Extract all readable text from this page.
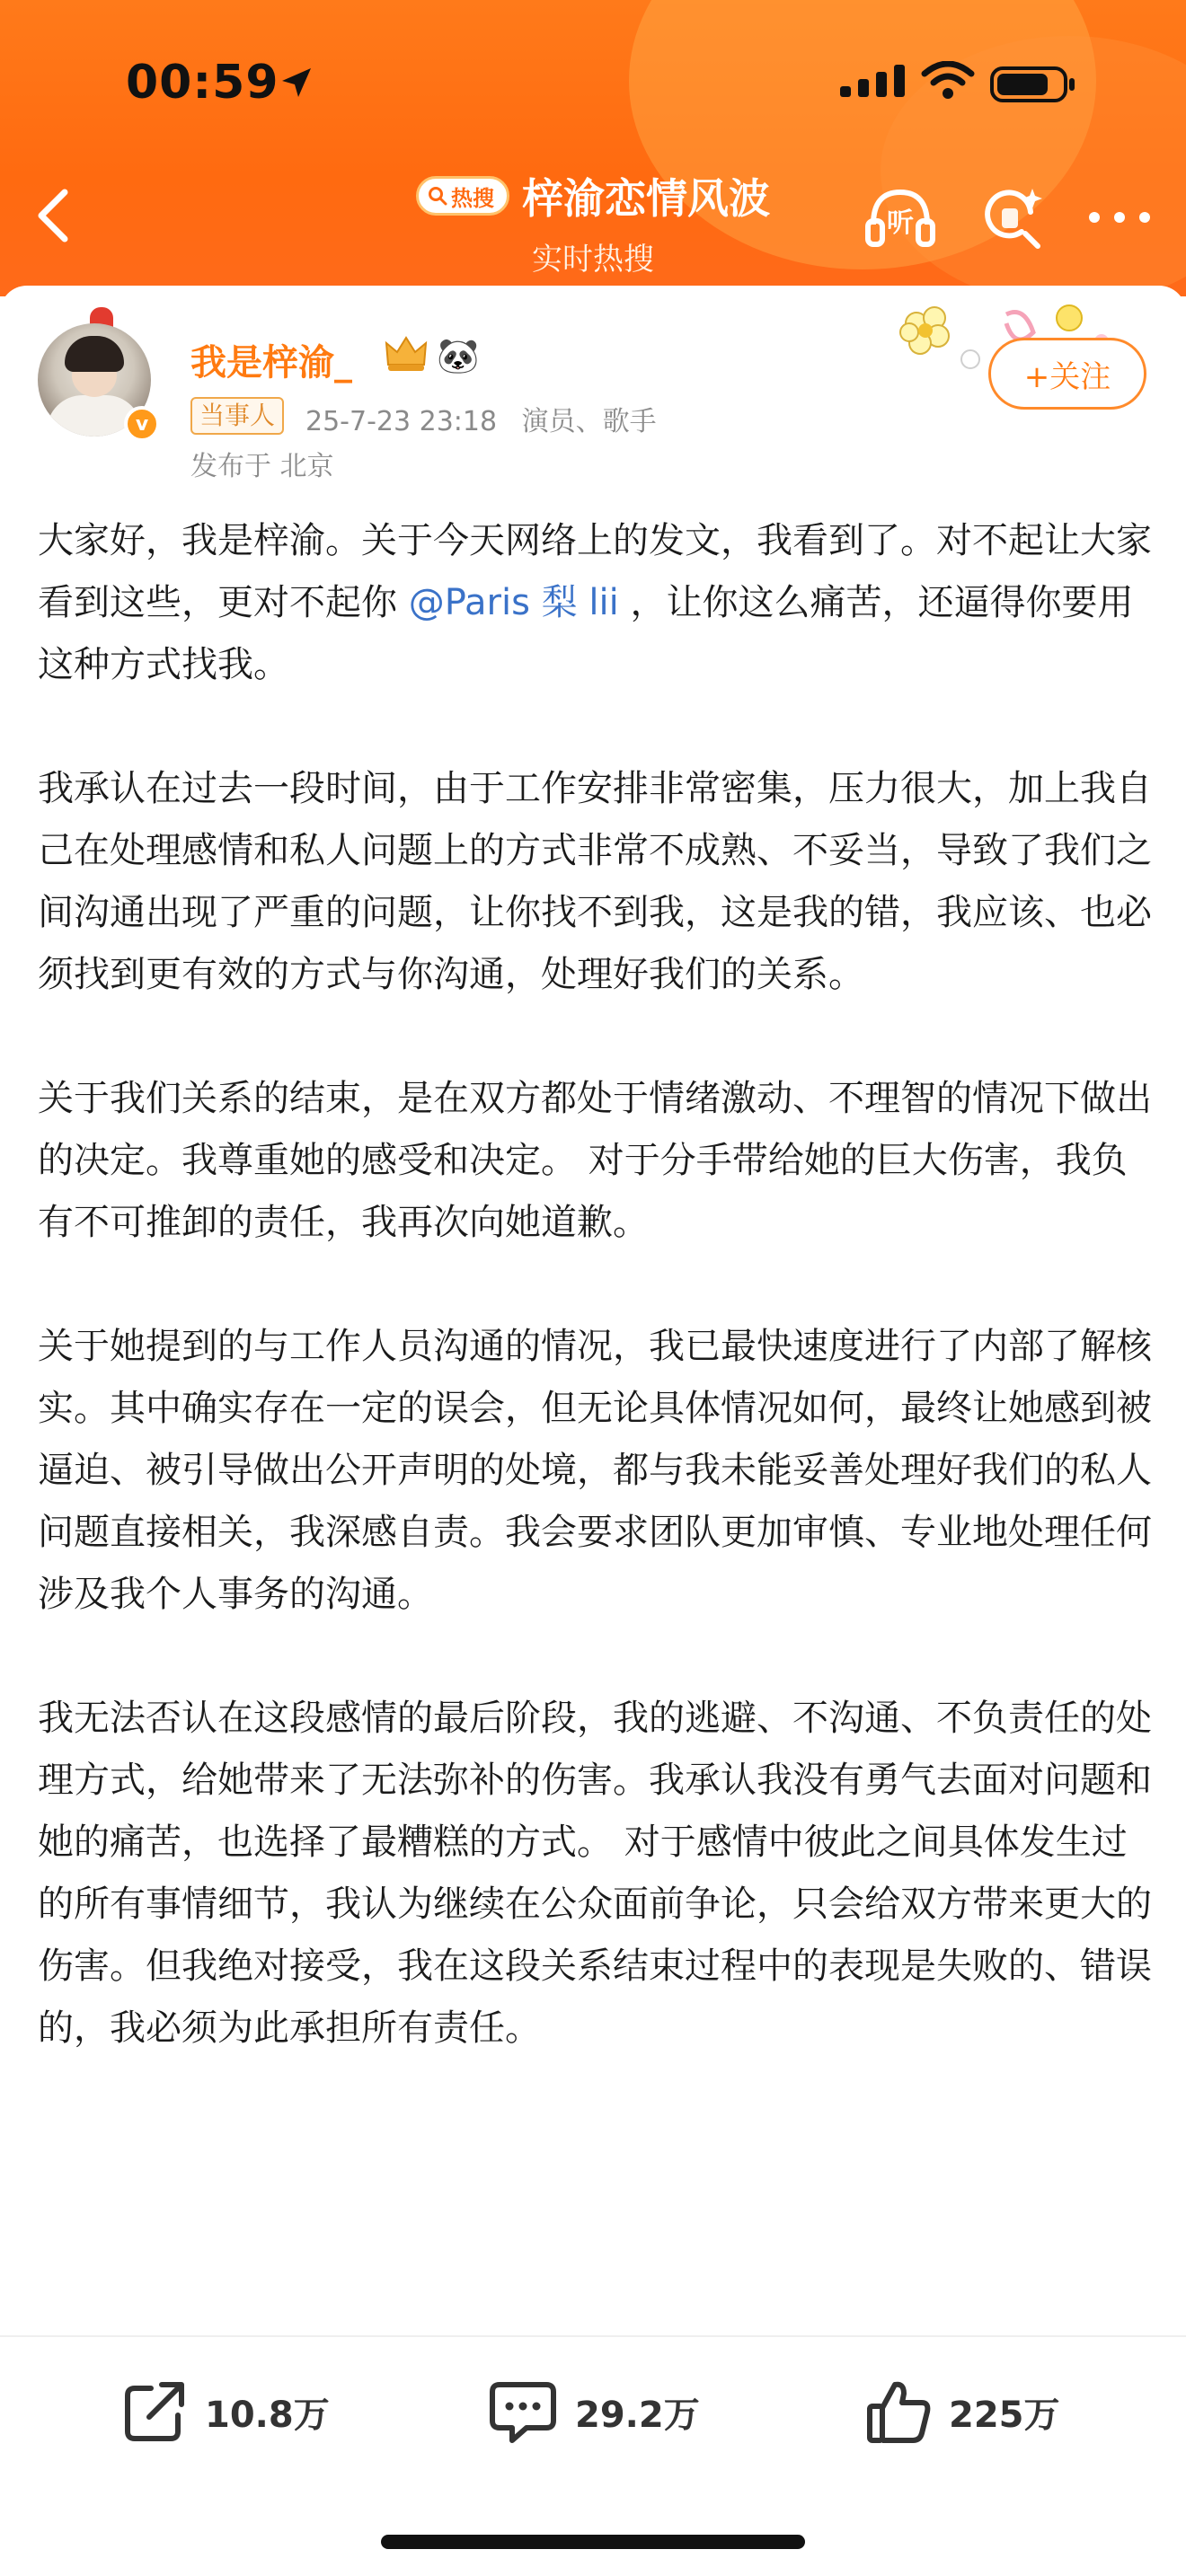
00:59
热搜 梓渝恋情风波
实时热搜
听
v
我是梓渝_ 🐼
当事人	25-7-23 23:18 演员、歌手
发布于 北京
+关注

大家好，我是梓渝。关于今天网络上的发文，我看到了。对不起让大家看到这些，更对不起你 @Paris 梨 lii ，让你这么痛苦，还逼得你要用这种方式找我。

我承认在过去一段时间，由于工作安排非常密集，压力很大，加上我自己在处理感情和私人问题上的方式非常不成熟、不妥当，导致了我们之间沟通出现了严重的问题，让你找不到我，这是我的错，我应该、也必须找到更有效的方式与你沟通，处理好我们的关系。

关于我们关系的结束，是在双方都处于情绪激动、不理智的情况下做出的决定。我尊重她的感受和决定。 对于分手带给她的巨大伤害，我负有不可推卸的责任，我再次向她道歉。

关于她提到的与工作人员沟通的情况，我已最快速度进行了内部了解核实。其中确实存在一定的误会，但无论具体情况如何，最终让她感到被逼迫、被引导做出公开声明的处境，都与我未能妥善处理好我们的私人问题直接相关，我深感自责。我会要求团队更加审慎、专业地处理任何涉及我个人事务的沟通。

我无法否认在这段感情的最后阶段，我的逃避、不沟通、不负责任的处理方式，给她带来了无法弥补的伤害。我承认我没有勇气去面对问题和她的痛苦，也选择了最糟糕的方式。 对于感情中彼此之间具体发生过的所有事情细节，我认为继续在公众面前争论，只会给双方带来更大的伤害。但我绝对接受，我在这段关系结束过程中的表现是失败的、错误的，我必须为此承担所有责任。

10.8万	29.2万	225万
